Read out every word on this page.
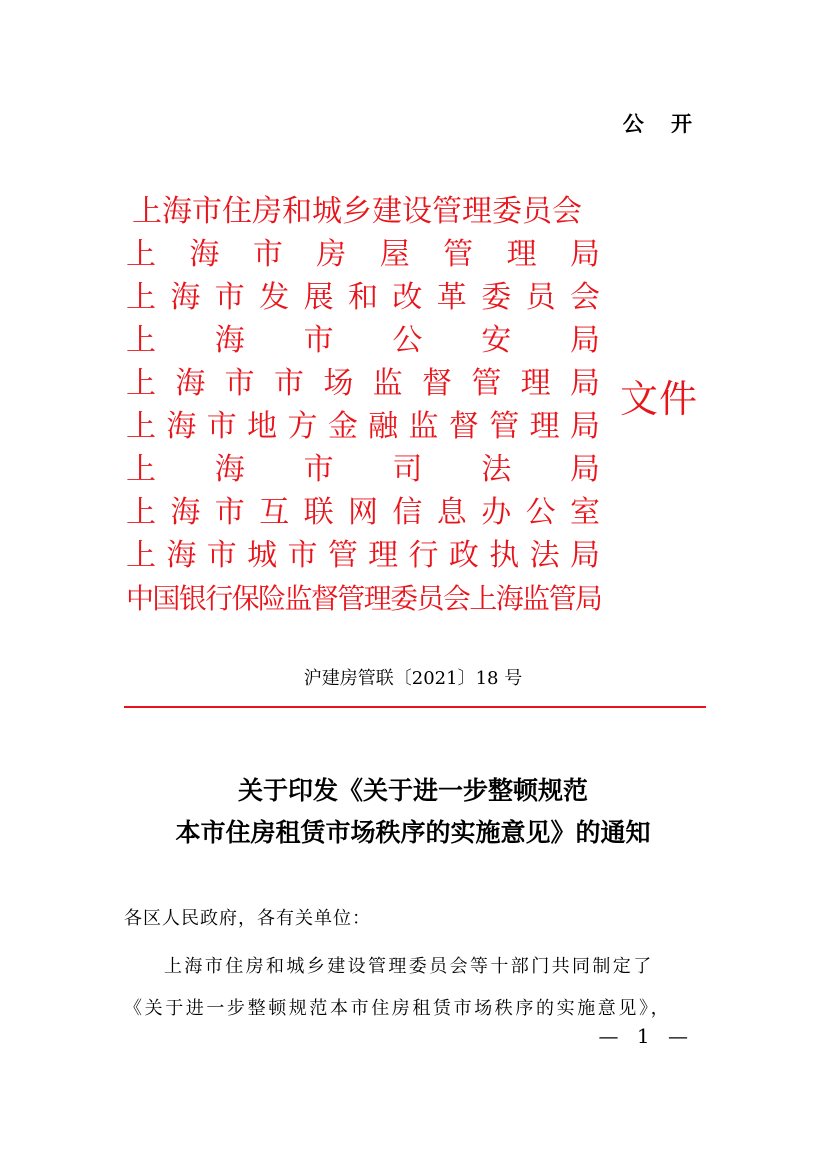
公 开
上海市住房和城乡建设管理委员会
上海市房屋管理局
上海市发展和改革委员会
上海市公安局
上海市市场监督管理局
上海市地方金融监督管理局
上海市司法局
上海市互联网信息办公室
上海市城市管理行政执法局
中国银行保险监督管理委员会上海监管局
文件
沪建房管联〔2021〕18 号
关于印发《关于进一步整顿规范
本市住房租赁市场秩序的实施意见》的通知
各区人民政府，各有关单位：
上海市住房和城乡建设管理委员会等十部门共同制定了
《关于进一步整顿规范本市住房租赁市场秩序的实施意见》，
— 1 —
